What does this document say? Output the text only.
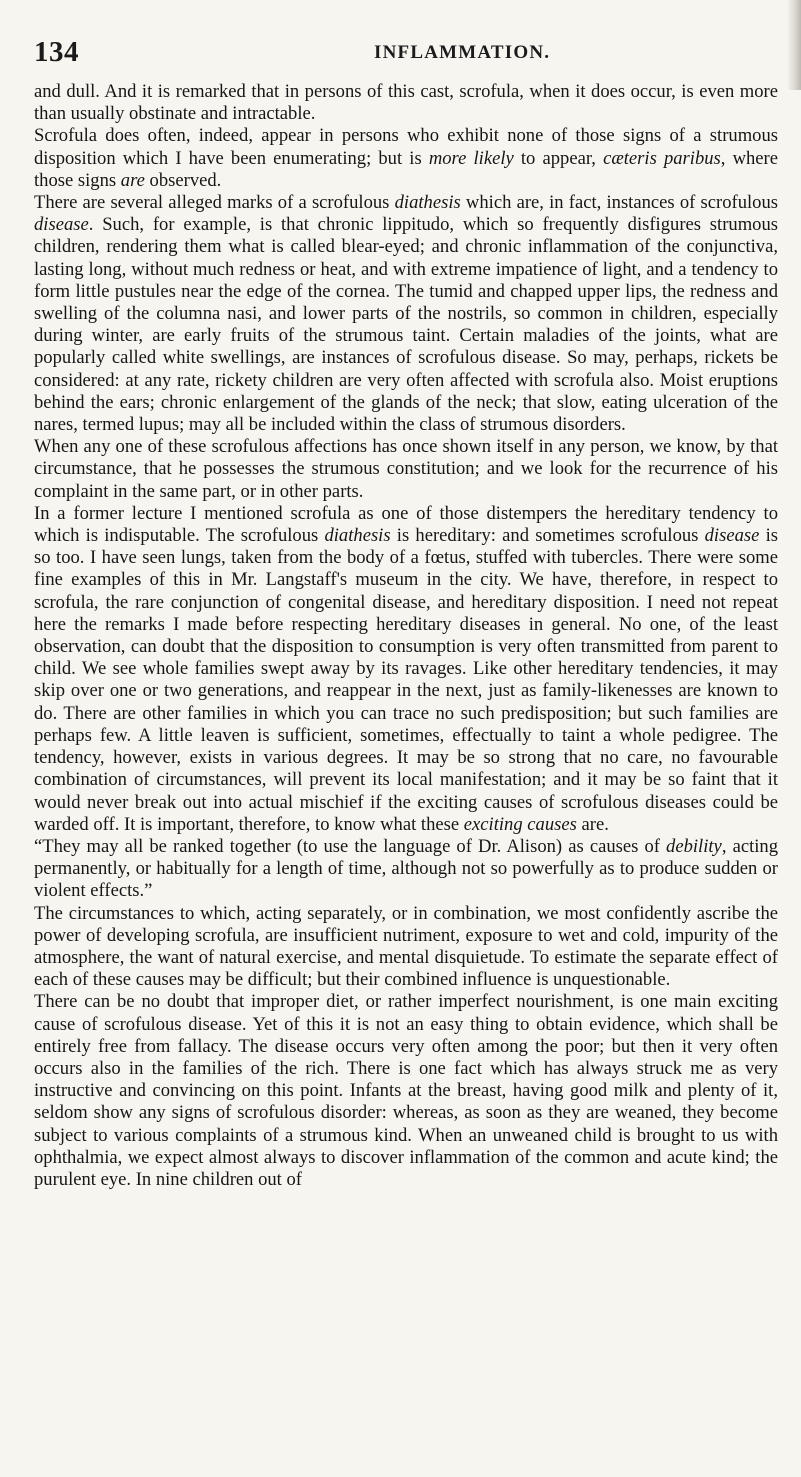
134	INFLAMMATION.

and dull. And it is remarked that in persons of this cast, scrofula, when it does occur, is even more than usually obstinate and intractable.

Scrofula does often, indeed, appear in persons who exhibit none of those signs of a strumous disposition which I have been enumerating; but is more likely to appear, cæteris paribus, where those signs are observed.

There are several alleged marks of a scrofulous diathesis which are, in fact, instances of scrofulous disease. Such, for example, is that chronic lippitudo, which so frequently disfigures strumous children, rendering them what is called blear-eyed; and chronic inflammation of the conjunctiva, lasting long, without much redness or heat, and with extreme impatience of light, and a tendency to form little pustules near the edge of the cornea. The tumid and chapped upper lips, the redness and swelling of the columna nasi, and lower parts of the nostrils, so common in children, especially during winter, are early fruits of the strumous taint. Certain maladies of the joints, what are popularly called white swellings, are instances of scrofulous disease. So may, perhaps, rickets be considered: at any rate, rickety children are very often affected with scrofula also. Moist eruptions behind the ears; chronic enlargement of the glands of the neck; that slow, eating ulceration of the nares, termed lupus; may all be included within the class of strumous disorders.

When any one of these scrofulous affections has once shown itself in any person, we know, by that circumstance, that he possesses the strumous constitution; and we look for the recurrence of his complaint in the same part, or in other parts.

In a former lecture I mentioned scrofula as one of those distempers the hereditary tendency to which is indisputable. The scrofulous diathesis is hereditary: and sometimes scrofulous disease is so too. I have seen lungs, taken from the body of a fœtus, stuffed with tubercles. There were some fine examples of this in Mr. Langstaff's museum in the city. We have, therefore, in respect to scrofula, the rare conjunction of congenital disease, and hereditary disposition. I need not repeat here the remarks I made before respecting hereditary diseases in general. No one, of the least observation, can doubt that the disposition to consumption is very often transmitted from parent to child. We see whole families swept away by its ravages. Like other hereditary tendencies, it may skip over one or two generations, and reappear in the next, just as family-likenesses are known to do. There are other families in which you can trace no such predisposition; but such families are perhaps few. A little leaven is sufficient, sometimes, effectually to taint a whole pedigree. The tendency, however, exists in various degrees. It may be so strong that no care, no favourable combination of circumstances, will prevent its local manifestation; and it may be so faint that it would never break out into actual mischief if the exciting causes of scrofulous diseases could be warded off. It is important, therefore, to know what these exciting causes are.

“They may all be ranked together (to use the language of Dr. Alison) as causes of debility, acting permanently, or habitually for a length of time, although not so powerfully as to produce sudden or violent effects.”

The circumstances to which, acting separately, or in combination, we most confidently ascribe the power of developing scrofula, are insufficient nutriment, exposure to wet and cold, impurity of the atmosphere, the want of natural exercise, and mental disquietude. To estimate the separate effect of each of these causes may be difficult; but their combined influence is unquestionable.

There can be no doubt that improper diet, or rather imperfect nourishment, is one main exciting cause of scrofulous disease. Yet of this it is not an easy thing to obtain evidence, which shall be entirely free from fallacy. The disease occurs very often among the poor; but then it very often occurs also in the families of the rich. There is one fact which has always struck me as very instructive and convincing on this point. Infants at the breast, having good milk and plenty of it, seldom show any signs of scrofulous disorder: whereas, as soon as they are weaned, they become subject to various complaints of a strumous kind. When an unweaned child is brought to us with ophthalmia, we expect almost always to discover inflammation of the common and acute kind; the purulent eye. In nine children out of
